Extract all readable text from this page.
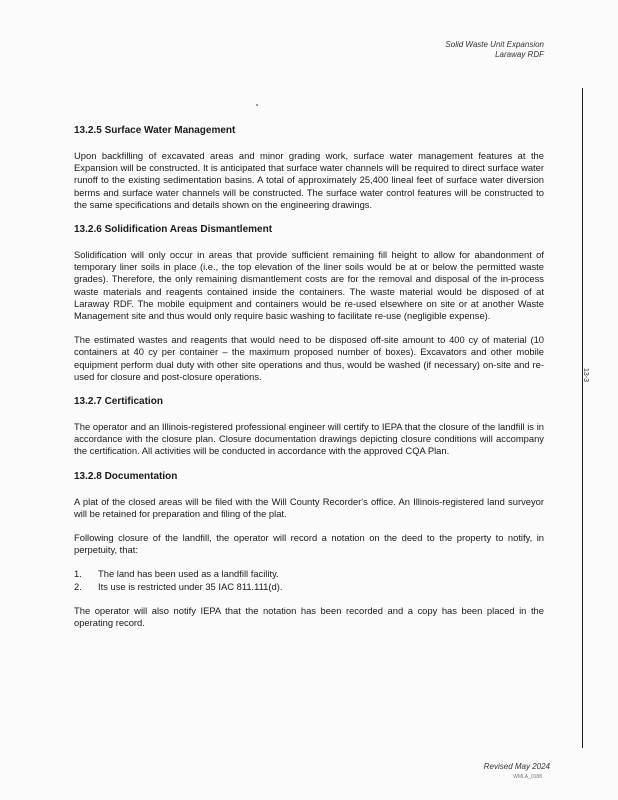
Solid Waste Unit Expansion
Laraway RDF
13-3
13.2.5 Surface Water Management

Upon backfilling of excavated areas and minor grading work, surface water management features at the Expansion will be constructed. It is anticipated that surface water channels will be required to direct surface water runoff to the existing sedimentation basins. A total of approximately 25,400 lineal feet of surface water diversion berms and surface water channels will be constructed. The surface water control features will be constructed to the same specifications and details shown on the engineering drawings.

13.2.6 Solidification Areas Dismantlement

Solidification will only occur in areas that provide sufficient remaining fill height to allow for abandonment of temporary liner soils in place (i.e., the top elevation of the liner soils would be at or below the permitted waste grades). Therefore, the only remaining dismantlement costs are for the removal and disposal of the in-process waste materials and reagents contained inside the containers. The waste material would be disposed of at Laraway RDF. The mobile equipment and containers would be re-used elsewhere on site or at another Waste Management site and thus would only require basic washing to facilitate re-use (negligible expense).

The estimated wastes and reagents that would need to be disposed off-site amount to 400 cy of material (10 containers at 40 cy per container – the maximum proposed number of boxes). Excavators and other mobile equipment perform dual duty with other site operations and thus, would be washed (if necessary) on-site and re-used for closure and post-closure operations.

13.2.7 Certification

The operator and an Illinois-registered professional engineer will certify to IEPA that the closure of the landfill is in accordance with the closure plan. Closure documentation drawings depicting closure conditions will accompany the certification. All activities will be conducted in accordance with the approved CQA Plan.

13.2.8 Documentation

A plat of the closed areas will be filed with the Will County Recorder's office. An Illinois-registered land surveyor will be retained for preparation and filing of the plat.

Following closure of the landfill, the operator will record a notation on the deed to the property to notify, in perpetuity, that:

1.	The land has been used as a landfill facility.
2.	Its use is restricted under 35 IAC 811.111(d).

The operator will also notify IEPA that the notation has been recorded and a copy has been placed in the operating record.

Revised May 2024
WMLA_0188
